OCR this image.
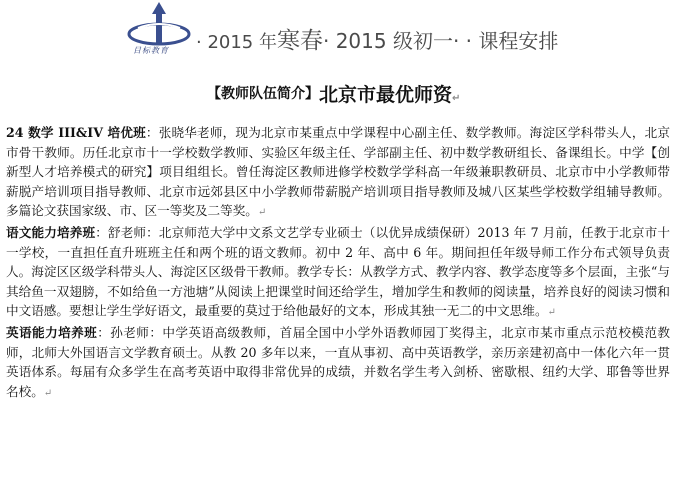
目标教育 · 2015 年寒春· 2015 级初一· · 课程安排
【教师队伍简介】北京市最优师资↵

24 数学 III&IV 培优班：张晓华老师，现为北京市某重点中学课程中心副主任、数学教师。海淀区学科带头人，北京市骨干教师。历任北京市十一学校数学教师、实验区年级主任、学部副主任、初中数学教研组长、备课组长。中学【创新型人才培养模式的研究】项目组组长。曾任海淀区教师进修学校数学学科高一年级兼职教研员、北京市中小学教师带薪脱产培训项目指导教师、北京市远郊县区中小学教师带薪脱产培训项目指导教师及城八区某些学校数学组辅导教师。多篇论文获国家级、市、区一等奖及二等奖。↵

语文能力培养班：舒老师：北京师范大学中文系文艺学专业硕士（以优异成绩保研）2013 年 7 月前，任教于北京市十一学校，一直担任直升班班主任和两个班的语文教师。初中 2 年、高中 6 年。期间担任年级导师工作分布式领导负责人。海淀区区级学科带头人、海淀区区级骨干教师。教学专长：从教学方式、教学内容、教学态度等多个层面，主张“与其给鱼一双翅膀，不如给鱼一方池塘”从阅读上把课堂时间还给学生，增加学生和教师的阅读量，培养良好的阅读习惯和中文语感。要想让学生学好语文，最重要的莫过于给他最好的文本，形成其独一无二的中文思维。↵

英语能力培养班：孙老师：中学英语高级教师，首届全国中小学外语教师园丁奖得主，北京市某市重点示范校模范教师，北师大外国语言文学教育硕士。从教 20 多年以来，一直从事初、高中英语教学，亲历亲建初高中一体化六年一贯英语体系。每届有众多学生在高考英语中取得非常优异的成绩，并数名学生考入剑桥、密歇根、纽约大学、耶鲁等世界名校。↵
